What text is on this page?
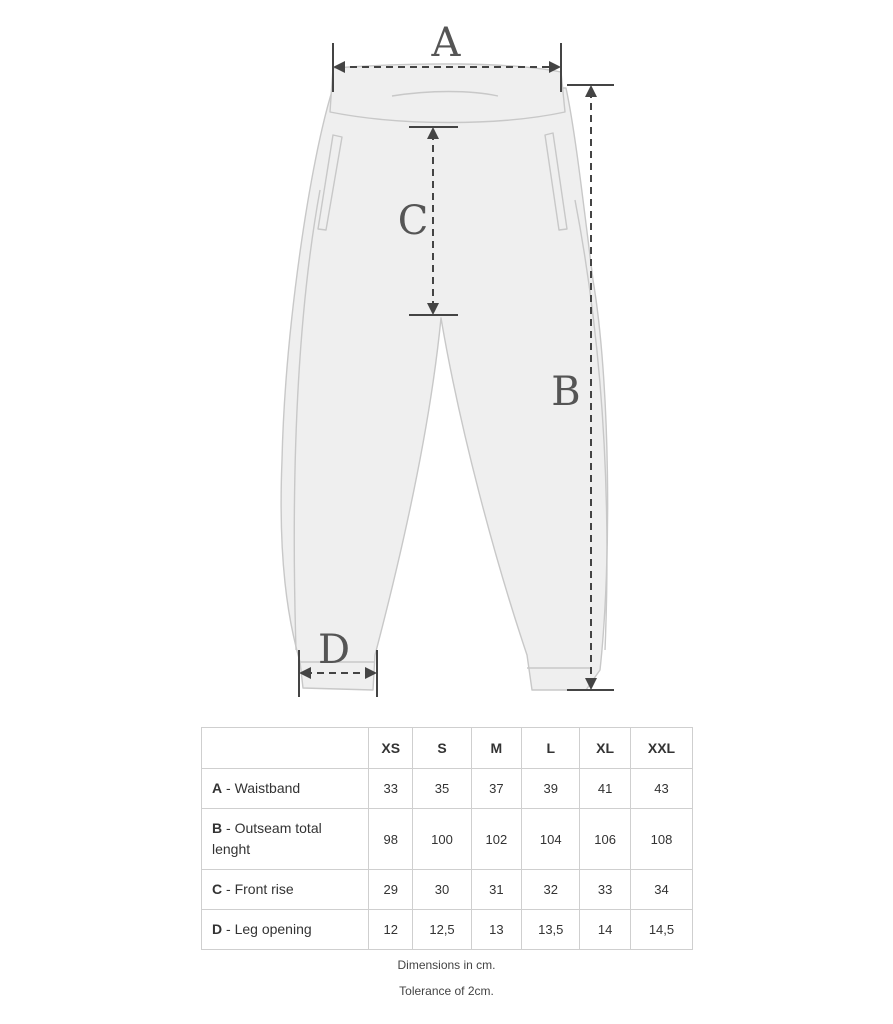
A
B
C
D
	XS	S	M	L	XL	XXL
A - Waistband	33	35	37	39	41	43
B - Outseam total lenght	98	100	102	104	106	108
C - Front rise	29	30	31	32	33	34
D - Leg opening	12	12,5	13	13,5	14	14,5
Dimensions in cm.
Tolerance of 2cm.
